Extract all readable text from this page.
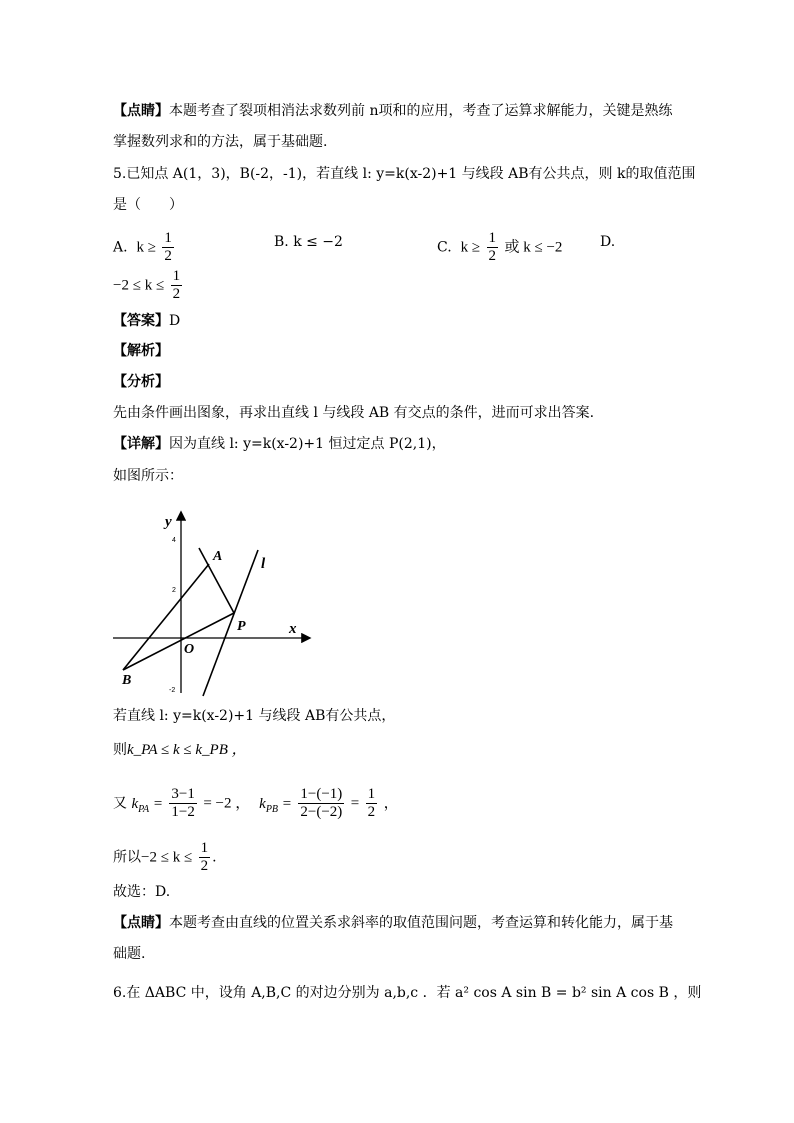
【点睛】本题考查了裂项相消法求数列前 n项和的应用，考查了运算求解能力，关键是熟练
掌握数列求和的方法，属于基础题.
5.已知点 A(1，3)，B(-2，-1)，若直线 l: y=k(x-2)+1 与线段 AB有公共点，则 k的取值范围
是（　　）
A. $k \ge \frac{1}{2}$	B. k ≤ −2	C. $k \ge \frac{1}{2}$ 或 k ≤ −2	D.
$-2 \le k \le \frac{1}{2}$
【答案】D
【解析】
【分析】
先由条件画出图象，再求出直线 l 与线段 AB 有交点的条件，进而可求出答案.
【详解】因为直线 l: y=k(x-2)+1 恒过定点 P(2,1)，
如图所示：
y
x
O
A
B
P
l
4
2
-2
若直线 l: y=k(x-2)+1 与线段 AB有公共点，
则k_PA ≤ k ≤ k_PB ，
又 $k_{PA} = \frac{3-1}{1-2} = -2$ ， $k_{PB} = \frac{1-(-1)}{2-(-2)} = \frac{1}{2}$ ，
所以$-2 \le k \le \frac{1}{2}$ .
故选：D.
【点睛】本题考查由直线的位置关系求斜率的取值范围问题，考查运算和转化能力，属于基
础题.
6.在 ΔABC 中，设角 A,B,C 的对边分别为 a,b,c ．若 a² cos A sin B = b² sin A cos B ，则
